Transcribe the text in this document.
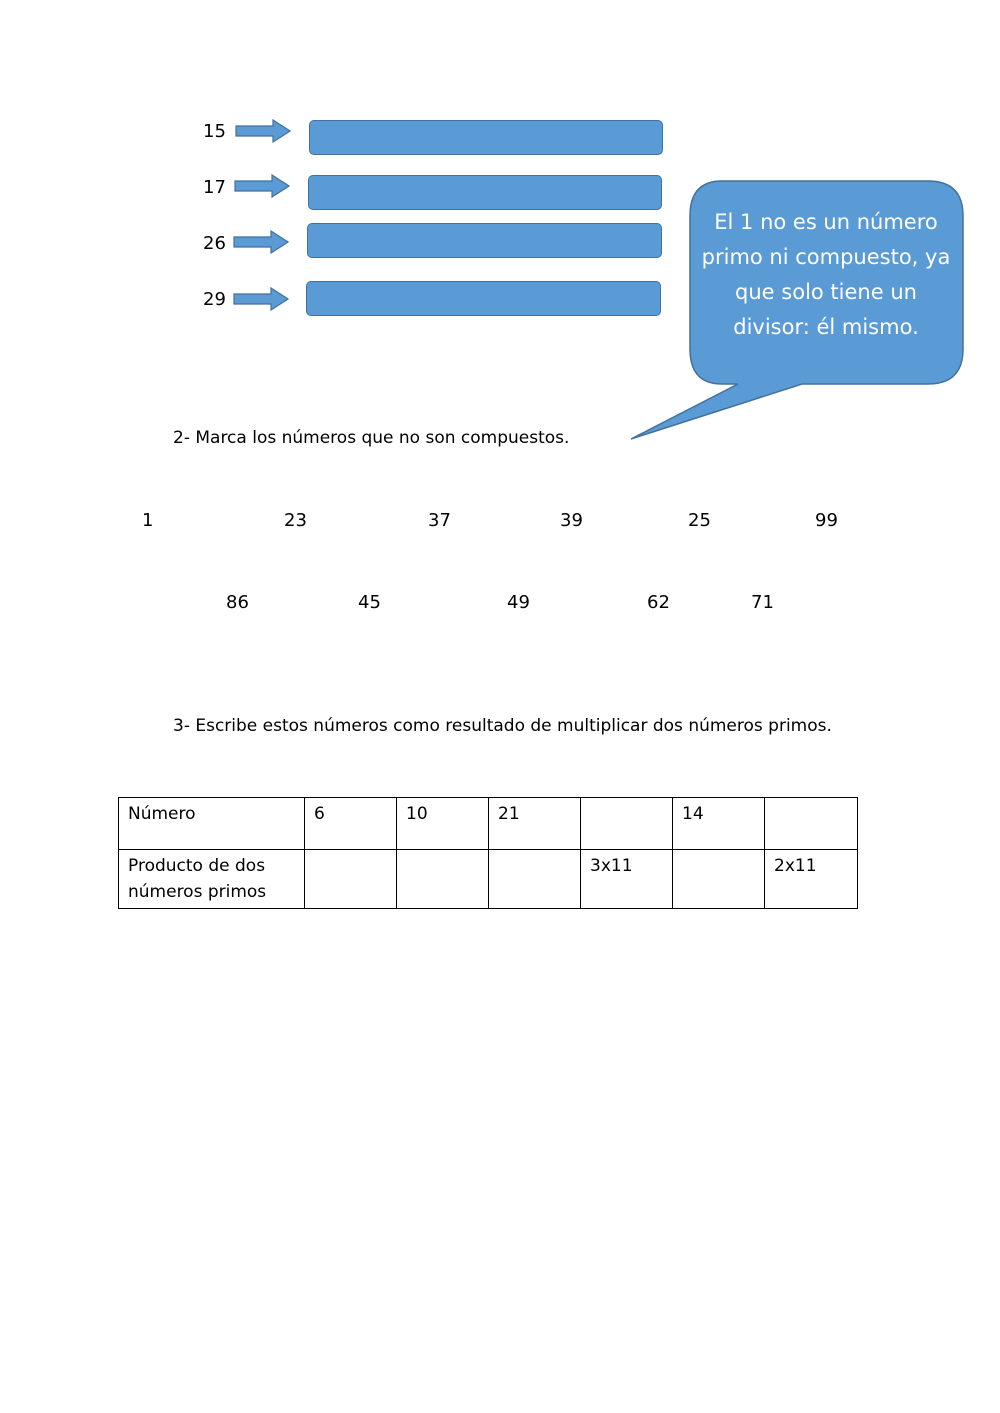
15
17
26
29
El 1 no es un número primo ni compuesto, ya que solo tiene un divisor: él mismo.
2- Marca los números que no son compuestos.
1	23	37	39	25	99
86	45	49	62	71
3- Escribe estos números como resultado de multiplicar dos números primos.
Número	6	10	21		14	
Producto de dos números primos				3x11		2x11
